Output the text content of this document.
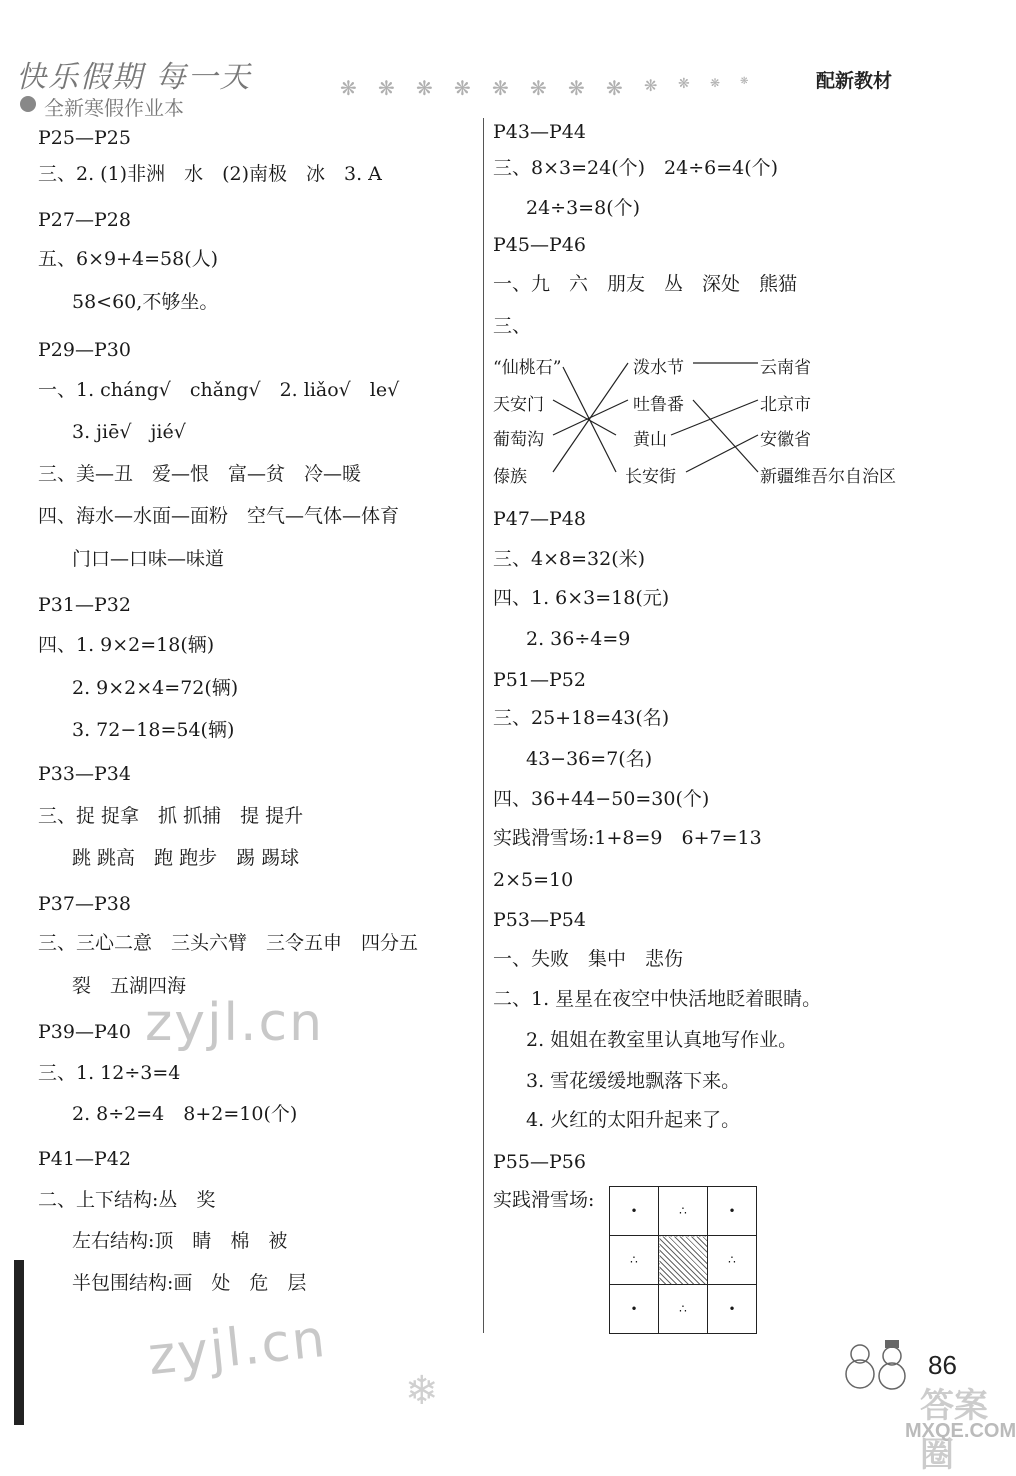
快乐假期 每一天
全新寒假作业本
❋ ❋ ❋ ❋ ❋ ❋ ❋ ❋ ❋ ❋ ❋ ❋	配新教材
P25—P25
三、2. (1)非洲　水　(2)南极　冰　3. A
P27—P28
五、6×9+4=58(人)
58<60,不够坐。
P29—P30
一、1. cháng√　chǎng√　2. liǎo√　le√
3. jiē√　jié√
三、美—丑　爱—恨　富—贫　冷—暖
四、海水—水面—面粉　空气—气体—体育
门口—口味—味道
P31—P32
四、1. 9×2=18(辆)
2. 9×2×4=72(辆)
3. 72−18=54(辆)
P33—P34
三、捉 捉拿　抓 抓捕　提 提升
跳 跳高　跑 跑步　踢 踢球
P37—P38
三、三心二意　三头六臂　三令五申　四分五
裂　五湖四海
P39—P40
三、1. 12÷3=4
2. 8÷2=4　8+2=10(个)
P41—P42
二、上下结构:丛　奖
左右结构:顶　睛　棉　被
半包围结构:画　处　危　层
P43—P44
三、8×3=24(个)　24÷6=4(个)
24÷3=8(个)
P45—P46
一、九　六　朋友　丛　深处　熊猫
三、
“仙桃石”
天安门
葡萄沟
傣族
泼水节
吐鲁番
黄山
长安街
云南省
北京市
安徽省
新疆维吾尔自治区
P47—P48
三、4×8=32(米)
四、1. 6×3=18(元)
2. 36÷4=9
P51—P52
三、25+18=43(名)
43−36=7(名)
四、36+44−50=30(个)
实践滑雪场:1+8=9　6+7=13
2×5=10
P53—P54
一、失败　集中　悲伤
二、1. 星星在夜空中快活地眨着眼睛。
2. 姐姐在教室里认真地写作业。
3. 雪花缓缓地飘落下来。
4. 火红的太阳升起来了。
P55—P56
实践滑雪场:	•	∴	•
∴		∴
•	∴	•
zyjl.cn
zyjl.cn
❄
86
答案圈
MXQE.COM
